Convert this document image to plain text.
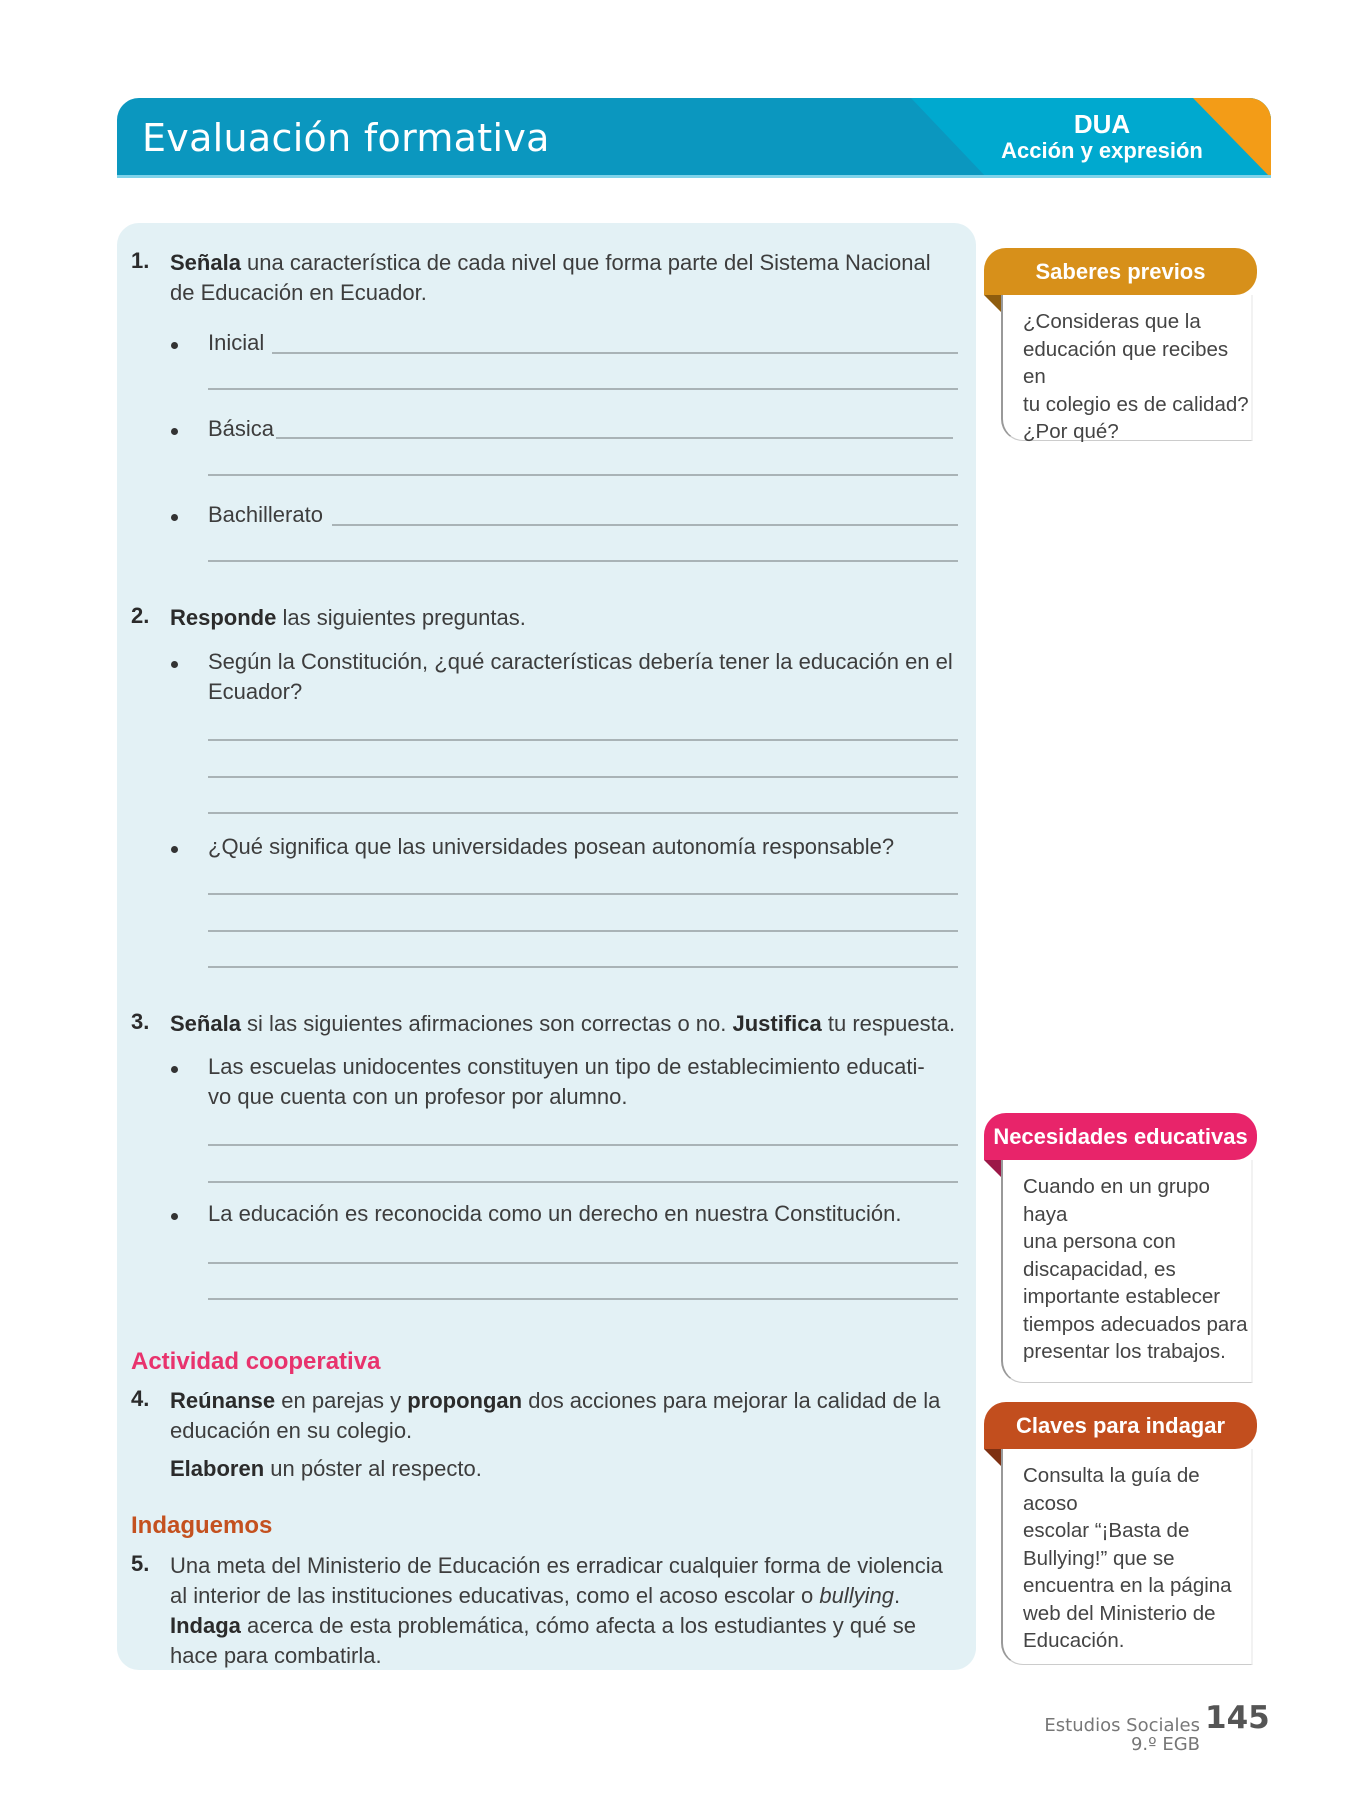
Evaluación formativa	DUA
Acción y expresión
1. Señala una característica de cada nivel que forma parte del Sistema Nacional
de Educación en Ecuador.
Inicial
Básica
Bachillerato
2. Responde las siguientes preguntas.
Según la Constitución, ¿qué características debería tener la educación en el
Ecuador?
¿Qué significa que las universidades posean autonomía responsable?
3. Señala si las siguientes afirmaciones son correctas o no. Justifica tu respuesta.
Las escuelas unidocentes constituyen un tipo de establecimiento educati-
vo que cuenta con un profesor por alumno.
La educación es reconocida como un derecho en nuestra Constitución.
Actividad cooperativa
4. Reúnanse en parejas y propongan dos acciones para mejorar la calidad de la
educación en su colegio.
Elaboren un póster al respecto.
Indaguemos
5. Una meta del Ministerio de Educación es erradicar cualquier forma de violencia
al interior de las instituciones educativas, como el acoso escolar o bullying.
Indaga acerca de esta problemática, cómo afecta a los estudiantes y qué se
hace para combatirla.
Saberes previos
¿Consideras que la
educación que recibes en
tu colegio es de calidad?
¿Por qué?
Necesidades educativas
Cuando en un grupo haya
una persona con
discapacidad, es
importante establecer
tiempos adecuados para
presentar los trabajos.
Claves para indagar
Consulta la guía de acoso
escolar “¡Basta de
Bullying!” que se
encuentra en la página
web del Ministerio de
Educación.
Estudios Sociales
9.º EGB
145
